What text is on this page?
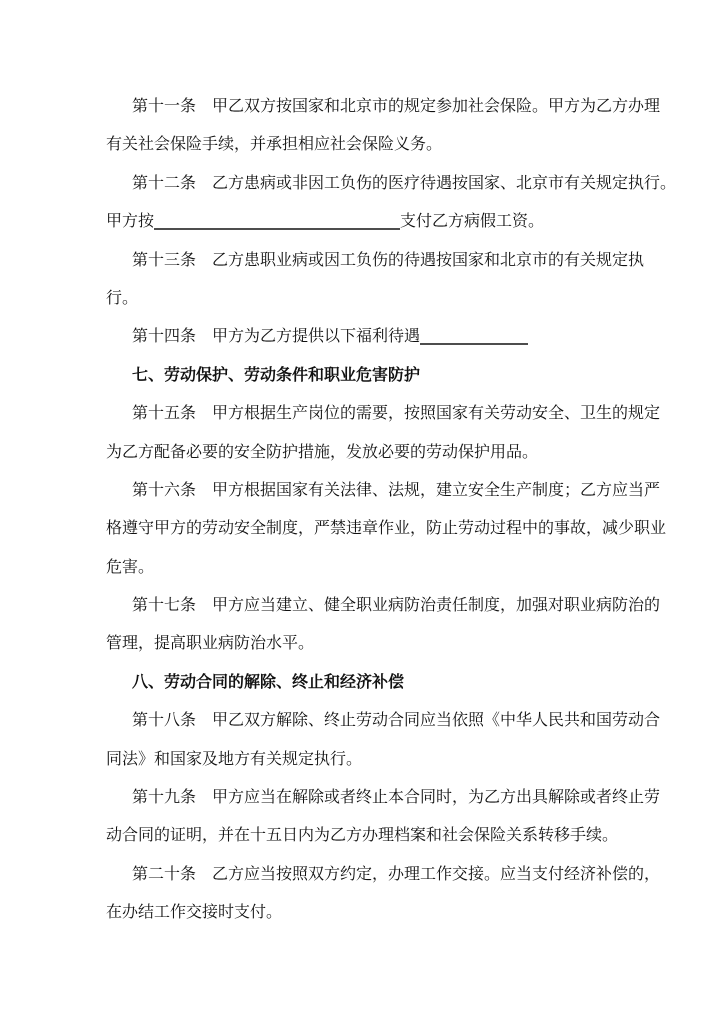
第十一条　甲乙双方按国家和北京市的规定参加社会保险。甲方为乙方办理
有关社会保险手续，并承担相应社会保险义务。
第十二条　乙方患病或非因工负伤的医疗待遇按国家、北京市有关规定执行。
甲方按	支付乙方病假工资。
第十三条　乙方患职业病或因工负伤的待遇按国家和北京市的有关规定执
行。
第十四条　甲方为乙方提供以下福利待遇
七、劳动保护、劳动条件和职业危害防护
第十五条　甲方根据生产岗位的需要，按照国家有关劳动安全、卫生的规定
为乙方配备必要的安全防护措施，发放必要的劳动保护用品。
第十六条　甲方根据国家有关法律、法规，建立安全生产制度；乙方应当严
格遵守甲方的劳动安全制度，严禁违章作业，防止劳动过程中的事故，减少职业
危害。
第十七条　甲方应当建立、健全职业病防治责任制度，加强对职业病防治的
管理，提高职业病防治水平。
八、劳动合同的解除、终止和经济补偿
第十八条　甲乙双方解除、终止劳动合同应当依照《中华人民共和国劳动合
同法》和国家及地方有关规定执行。
第十九条　甲方应当在解除或者终止本合同时，为乙方出具解除或者终止劳
动合同的证明，并在十五日内为乙方办理档案和社会保险关系转移手续。
第二十条　乙方应当按照双方约定，办理工作交接。应当支付经济补偿的，
在办结工作交接时支付。
